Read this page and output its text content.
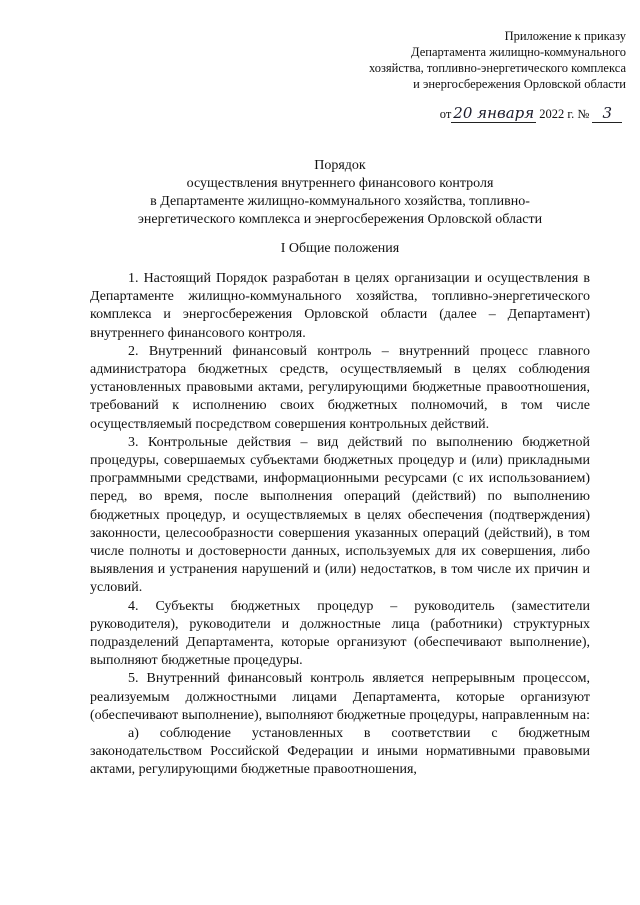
Приложение к приказу
Департамента жилищно-коммунального
хозяйства, топливно-энергетического комплекса
и энергосбережения Орловской области
от 20 января 2022 г. № 3
Порядок
осуществления внутреннего финансового контроля
в Департаменте жилищно-коммунального хозяйства, топливно-
энергетического комплекса и энергосбережения Орловской области
I Общие положения

1. Настоящий Порядок разработан в целях организации и осуществления в Департаменте жилищно-коммунального хозяйства, топливно-энергетического комплекса и энергосбережения Орловской области (далее – Департамент) внутреннего финансового контроля.

2. Внутренний финансовый контроль – внутренний процесс главного администратора бюджетных средств, осуществляемый в целях соблюдения установленных правовыми актами, регулирующими бюджетные правоотношения, требований к исполнению своих бюджетных полномочий, в том числе осуществляемый посредством совершения контрольных действий.

3. Контрольные действия – вид действий по выполнению бюджетной процедуры, совершаемых субъектами бюджетных процедур и (или) прикладными программными средствами, информационными ресурсами (с их использованием) перед, во время, после выполнения операций (действий) по выполнению бюджетных процедур, и осуществляемых в целях обеспечения (подтверждения) законности, целесообразности совершения указанных операций (действий), в том числе полноты и достоверности данных, используемых для их совершения, либо выявления и устранения нарушений и (или) недостатков, в том числе их причин и условий.

4. Субъекты бюджетных процедур – руководитель (заместители руководителя), руководители и должностные лица (работники) структурных подразделений Департамента, которые организуют (обеспечивают выполнение), выполняют бюджетные процедуры.

5. Внутренний финансовый контроль является непрерывным процессом, реализуемым должностными лицами Департамента, которые организуют (обеспечивают выполнение), выполняют бюджетные процедуры, направленным на:

а) соблюдение установленных в соответствии с бюджетным законодательством Российской Федерации и иными нормативными правовыми актами, регулирующими бюджетные правоотношения,
